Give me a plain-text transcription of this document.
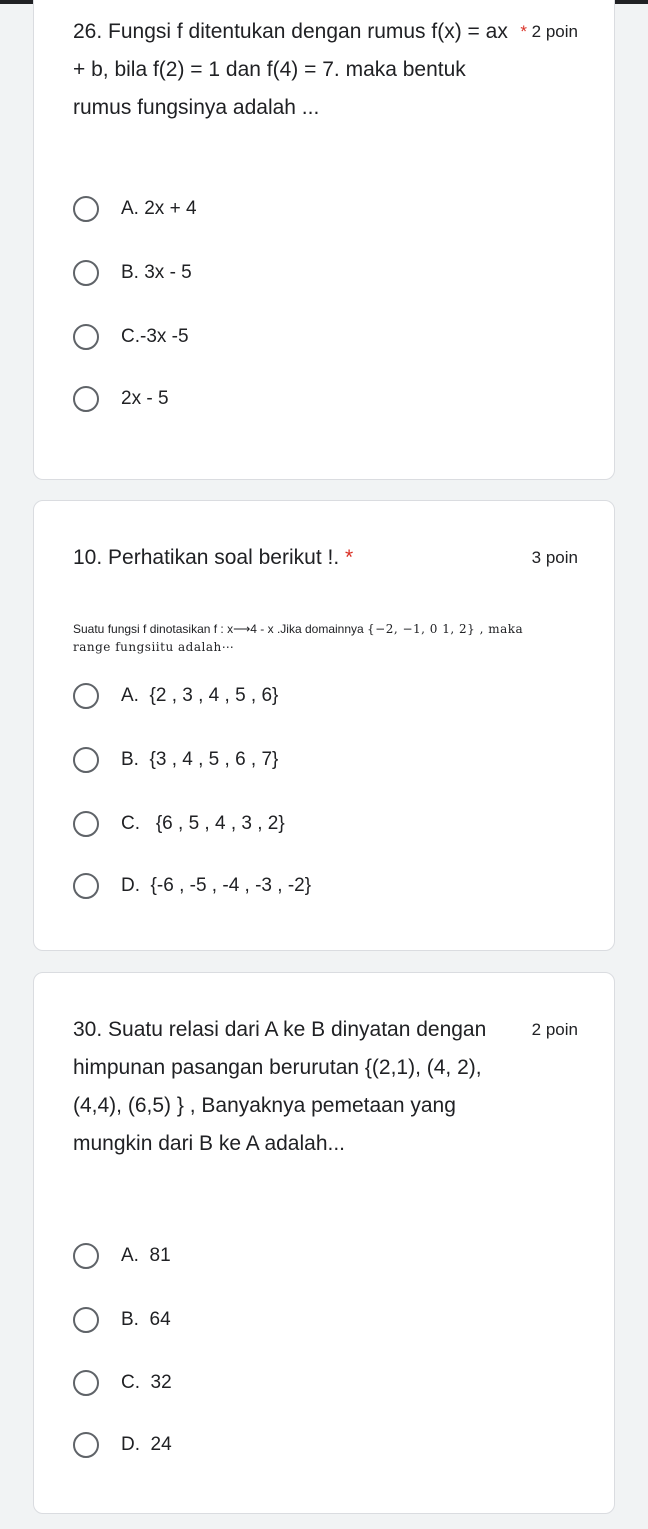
26. Fungsi f ditentukan dengan rumus f(x) = ax + b, bila f(2) = 1 dan f(4) = 7. maka bentuk rumus fungsinya adalah ...

* 2 poin
A. 2x + 4
B. 3x - 5
C.-3x -5
2x - 5

10. Perhatikan soal berikut !. *	3 poin
Suatu fungsi f dinotasikan f : x⟶4 - x .Jika domainnya {−2, −1, 0 1, 2} , maka
range fungsiitu adalah⋯
A.  {2 , 3 , 4 , 5 , 6}
B.  {3 , 4 , 5 , 6 , 7}
C.   {6 , 5 , 4 , 3 , 2}
D.  {-6 , -5 , -4 , -3 , -2}

30. Suatu relasi dari A ke B dinyatan dengan himpunan pasangan berurutan {(2,1), (4, 2),(4,4), (6,5) } , Banyaknya pemetaan yang mungkin dari B ke A adalah...

2 poin
A.  81
B.  64
C.  32
D.  24
